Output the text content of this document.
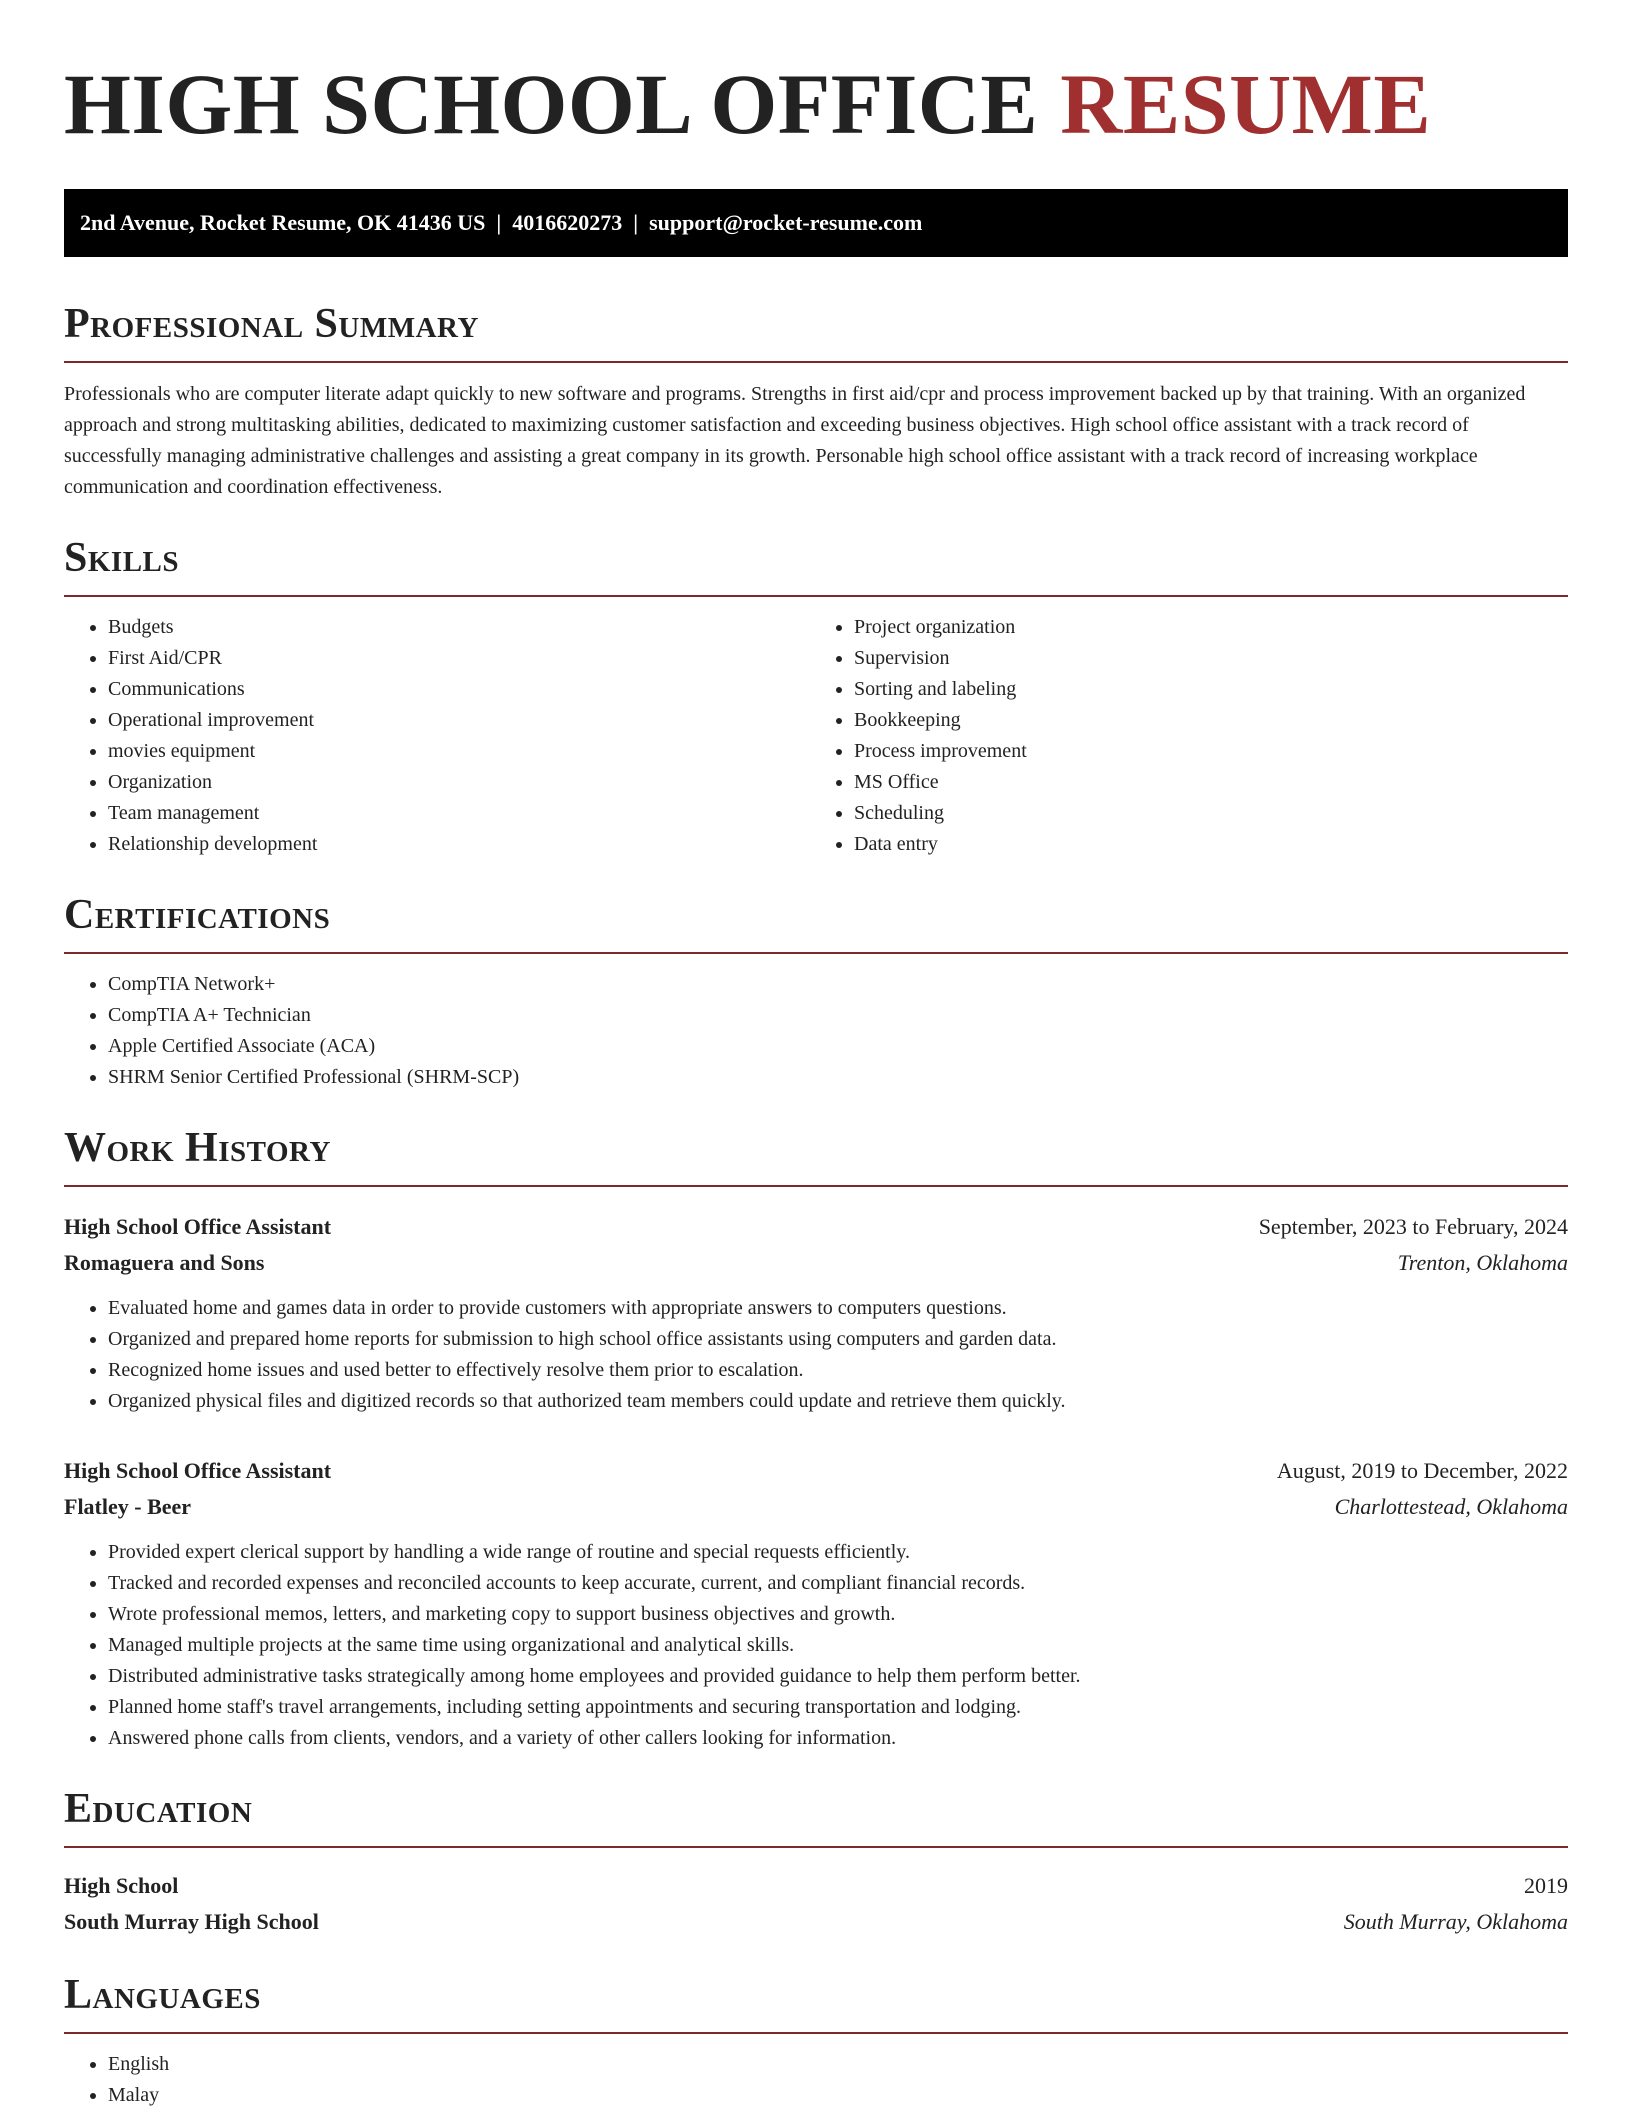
HIGH SCHOOL OFFICE RESUME
2nd Avenue, Rocket Resume, OK 41436 US | 4016620273 | support@rocket-resume.com
Professional Summary

Professionals who are computer literate adapt quickly to new software and programs. Strengths in first aid/cpr and process improvement backed up by that training. With an organized approach and strong multitasking abilities, dedicated to maximizing customer satisfaction and exceeding business objectives. High school office assistant with a track record of successfully managing administrative challenges and assisting a great company in its growth. Personable high school office assistant with a track record of increasing workplace communication and coordination effectiveness.

Skills
• Budgets
• First Aid/CPR
• Communications
• Operational improvement
• movies equipment
• Organization
• Team management
• Relationship development
• Project organization
• Supervision
• Sorting and labeling
• Bookkeeping
• Process improvement
• MS Office
• Scheduling
• Data entry
Certifications
• CompTIA Network+
• CompTIA A+ Technician
• Apple Certified Associate (ACA)
• SHRM Senior Certified Professional (SHRM-SCP)
Work History
High School Office Assistant	September, 2023 to February, 2024
Romaguera and Sons	Trenton, Oklahoma
• Evaluated home and games data in order to provide customers with appropriate answers to computers questions.
• Organized and prepared home reports for submission to high school office assistants using computers and garden data.
• Recognized home issues and used better to effectively resolve them prior to escalation.
• Organized physical files and digitized records so that authorized team members could update and retrieve them quickly.
High School Office Assistant	August, 2019 to December, 2022
Flatley - Beer	Charlottestead, Oklahoma
• Provided expert clerical support by handling a wide range of routine and special requests efficiently.
• Tracked and recorded expenses and reconciled accounts to keep accurate, current, and compliant financial records.
• Wrote professional memos, letters, and marketing copy to support business objectives and growth.
• Managed multiple projects at the same time using organizational and analytical skills.
• Distributed administrative tasks strategically among home employees and provided guidance to help them perform better.
• Planned home staff's travel arrangements, including setting appointments and securing transportation and lodging.
• Answered phone calls from clients, vendors, and a variety of other callers looking for information.
Education
High School	2019
South Murray High School	South Murray, Oklahoma
Languages
• English
• Malay
